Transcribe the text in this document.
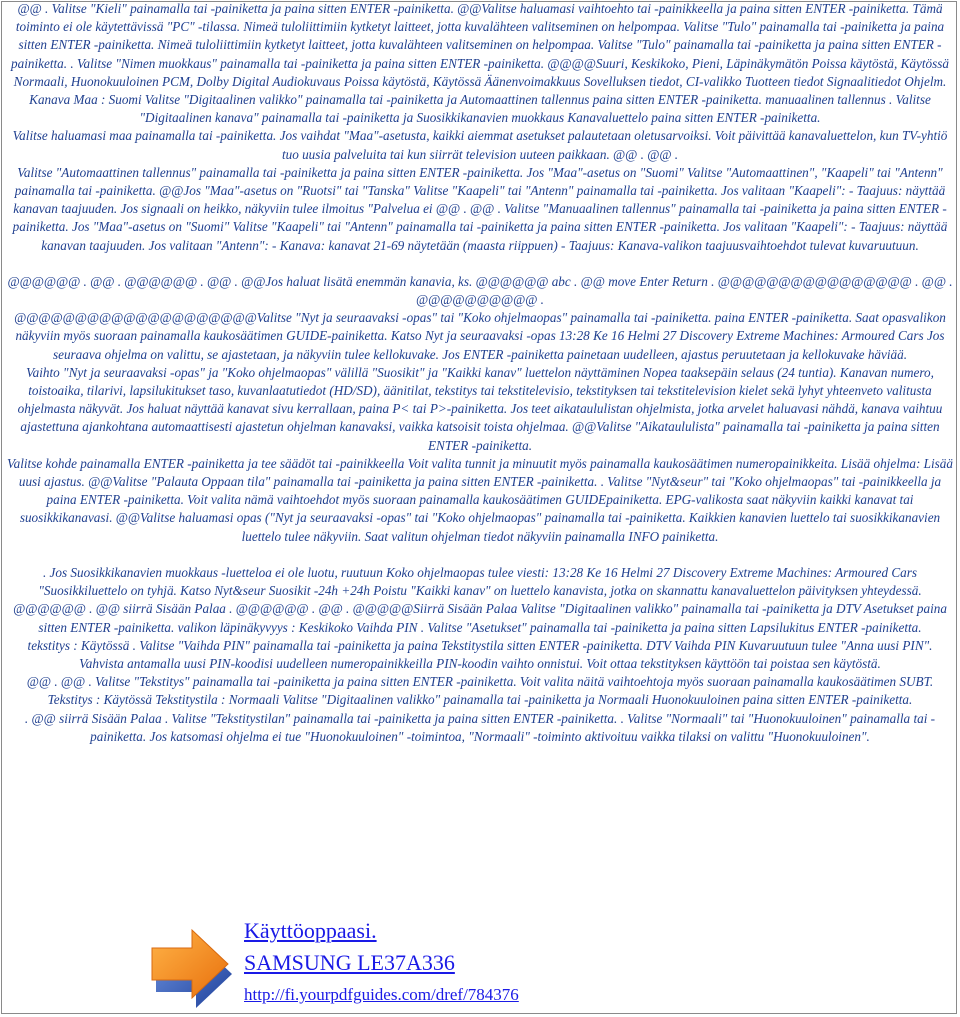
@@ . Valitse "Kieli" painamalla tai -painiketta ja paina sitten ENTER -painiketta. @@Valitse haluamasi vaihtoehto tai -painikkeella ja paina sitten ENTER -painiketta. Tämä toiminto ei ole käytettävissä "PC" -tilassa. Nimeä tuloliittimiin kytketyt laitteet, jotta kuvalähteen valitseminen on helpompaa. Valitse "Tulo" painamalla tai -painiketta ja paina sitten ENTER -painiketta. Nimeä tuloliittimiin kytketyt laitteet, jotta kuvalähteen valitseminen on helpompaa. Valitse "Tulo" painamalla tai -painiketta ja paina sitten ENTER -painiketta. . Valitse "Nimen muokkaus" painamalla tai -painiketta ja paina sitten ENTER -painiketta. @@@@Suuri, Keskikoko, Pieni, Läpinäkymätön Poissa käytöstä, Käytössä Normaali, Huonokuuloinen PCM, Dolby Digital Audiokuvaus Poissa käytöstä, Käytössä Äänenvoimakkuus Sovelluksen tiedot, CI-valikko Tuotteen tiedot Signaalitiedot Ohjelm. Kanava Maa : Suomi Valitse "Digitaalinen valikko" painamalla tai -painiketta ja Automaattinen tallennus paina sitten ENTER -painiketta. manuaalinen tallennus . Valitse "Digitaalinen kanava" painamalla tai -painiketta ja Suosikkikanavien muokkaus Kanavaluettelo paina sitten ENTER -painiketta.

Valitse haluamasi maa painamalla tai -painiketta. Jos vaihdat "Maa"-asetusta, kaikki aiemmat asetukset palautetaan oletusarvoiksi. Voit päivittää kanavaluettelon, kun TV-yhtiö tuo uusia palveluita tai kun siirrät television uuteen paikkaan. @@ . @@ .

Valitse "Automaattinen tallennus" painamalla tai -painiketta ja paina sitten ENTER -painiketta. Jos "Maa"-asetus on "Suomi" Valitse "Automaattinen", "Kaapeli" tai "Antenn" painamalla tai -painiketta. @@Jos "Maa"-asetus on "Ruotsi" tai "Tanska" Valitse "Kaapeli" tai "Antenn" painamalla tai -painiketta. Jos valitaan "Kaapeli": - Taajuus: näyttää kanavan taajuuden. Jos signaali on heikko, näkyviin tulee ilmoitus "Palvelua ei @@ . @@ . Valitse "Manuaalinen tallennus" painamalla tai -painiketta ja paina sitten ENTER -painiketta. Jos "Maa"-asetus on "Suomi" Valitse "Kaapeli" tai "Antenn" painamalla tai -painiketta ja paina sitten ENTER -painiketta. Jos valitaan "Kaapeli": - Taajuus: näyttää kanavan taajuuden. Jos valitaan "Antenn": - Kanava: kanavat 21-69 näytetään (maasta riippuen) - Taajuus: Kanava-valikon taajuusvaihtoehdot tulevat kuvaruutuun.

@@@@@@ . @@ . @@@@@@ . @@ . @@Jos haluat lisätä enemmän kanavia, ks. @@@@@@ abc . @@ move Enter Return . @@@@@@@@@@@@@@@@ . @@ . @@@@@@@@@@ .

@@@@@@@@@@@@@@@@@@@@Valitse "Nyt ja seuraavaksi -opas" tai "Koko ohjelmaopas" painamalla tai -painiketta. paina ENTER -painiketta. Saat opasvalikon näkyviin myös suoraan painamalla kaukosäätimen GUIDE-painiketta. Katso Nyt ja seuraavaksi -opas 13:28 Ke 16 Helmi 27 Discovery Extreme Machines: Armoured Cars Jos seuraava ohjelma on valittu, se ajastetaan, ja näkyviin tulee kellokuvake. Jos ENTER -painiketta painetaan uudelleen, ajastus peruutetaan ja kellokuvake häviää.

Vaihto "Nyt ja seuraavaksi -opas" ja "Koko ohjelmaopas" välillä "Suosikit" ja "Kaikki kanav" luettelon näyttäminen Nopea taaksepäin selaus (24 tuntia). Kanavan numero, toistoaika, tilarivi, lapsilukitukset taso, kuvanlaatutiedot (HD/SD), äänitilat, tekstitys tai tekstitelevisio, tekstityksen tai tekstitelevision kielet sekä lyhyt yhteenveto valitusta ohjelmasta näkyvät. Jos haluat näyttää kanavat sivu kerrallaan, paina P< tai P>-painiketta. Jos teet aikataululistan ohjelmista, jotka arvelet haluavasi nähdä, kanava vaihtuu ajastettuna ajankohtana automaattisesti ajastetun ohjelman kanavaksi, vaikka katsoisit toista ohjelmaa. @@Valitse "Aikataululista" painamalla tai -painiketta ja paina sitten ENTER -painiketta.

Valitse kohde painamalla ENTER -painiketta ja tee säädöt tai -painikkeella Voit valita tunnit ja minuutit myös painamalla kaukosäätimen numeropainikkeita. Lisää ohjelma: Lisää uusi ajastus. @@Valitse "Palauta Oppaan tila" painamalla tai -painiketta ja paina sitten ENTER -painiketta. . Valitse "Nyt&seur" tai "Koko ohjelmaopas" tai -painikkeella ja paina ENTER -painiketta. Voit valita nämä vaihtoehdot myös suoraan painamalla kaukosäätimen GUIDEpainiketta. EPG-valikosta saat näkyviin kaikki kanavat tai suosikkikanavasi. @@Valitse haluamasi opas ("Nyt ja seuraavaksi -opas" tai "Koko ohjelmaopas" painamalla tai -painiketta. Kaikkien kanavien luettelo tai suosikkikanavien luettelo tulee näkyviin. Saat valitun ohjelman tiedot näkyviin painamalla INFO painiketta.

. Jos Suosikkikanavien muokkaus -luetteloa ei ole luotu, ruutuun Koko ohjelmaopas tulee viesti: 13:28 Ke 16 Helmi 27 Discovery Extreme Machines: Armoured Cars "Suosikkiluettelo on tyhjä. Katso Nyt&seur Suosikit -24h +24h Poistu "Kaikki kanav" on luettelo kanavista, jotka on skannattu kanavaluettelon päivityksen yhteydessä. @@@@@@ . @@ siirrä Sisään Palaa . @@@@@@ . @@ . @@@@@Siirrä Sisään Palaa Valitse "Digitaalinen valikko" painamalla tai -painiketta ja DTV Asetukset paina sitten ENTER -painiketta. valikon läpinäkyvyys : Keskikoko Vaihda PIN . Valitse "Asetukset" painamalla tai -painiketta ja paina sitten Lapsilukitus ENTER -painiketta.

tekstitys : Käytössä . Valitse "Vaihda PIN" painamalla tai -painiketta ja paina Tekstitystila sitten ENTER -painiketta. DTV Vaihda PIN Kuvaruutuun tulee "Anna uusi PIN". Vahvista antamalla uusi PIN-koodisi uudelleen numeropainikkeilla PIN-koodin vaihto onnistui. Voit ottaa tekstityksen käyttöön tai poistaa sen käytöstä.

@@ . @@ . Valitse "Tekstitys" painamalla tai -painiketta ja paina sitten ENTER -painiketta. Voit valita näitä vaihtoehtoja myös suoraan painamalla kaukosäätimen SUBT. Tekstitys : Käytössä Tekstitystila : Normaali Valitse "Digitaalinen valikko" painamalla tai -painiketta ja Normaali Huonokuuloinen paina sitten ENTER -painiketta.

. @@ siirrä Sisään Palaa . Valitse "Tekstitystilan" painamalla tai -painiketta ja paina sitten ENTER -painiketta. . Valitse "Normaali" tai "Huonokuuloinen" painamalla tai -painiketta. Jos katsomasi ohjelma ei tue "Huonokuuloinen" -toimintoa, "Normaali" -toiminto aktivoituu vaikka tilaksi on valittu "Huonokuuloinen".

Käyttöoppaasi.
SAMSUNG LE37A336
http://fi.yourpdfguides.com/dref/784376
